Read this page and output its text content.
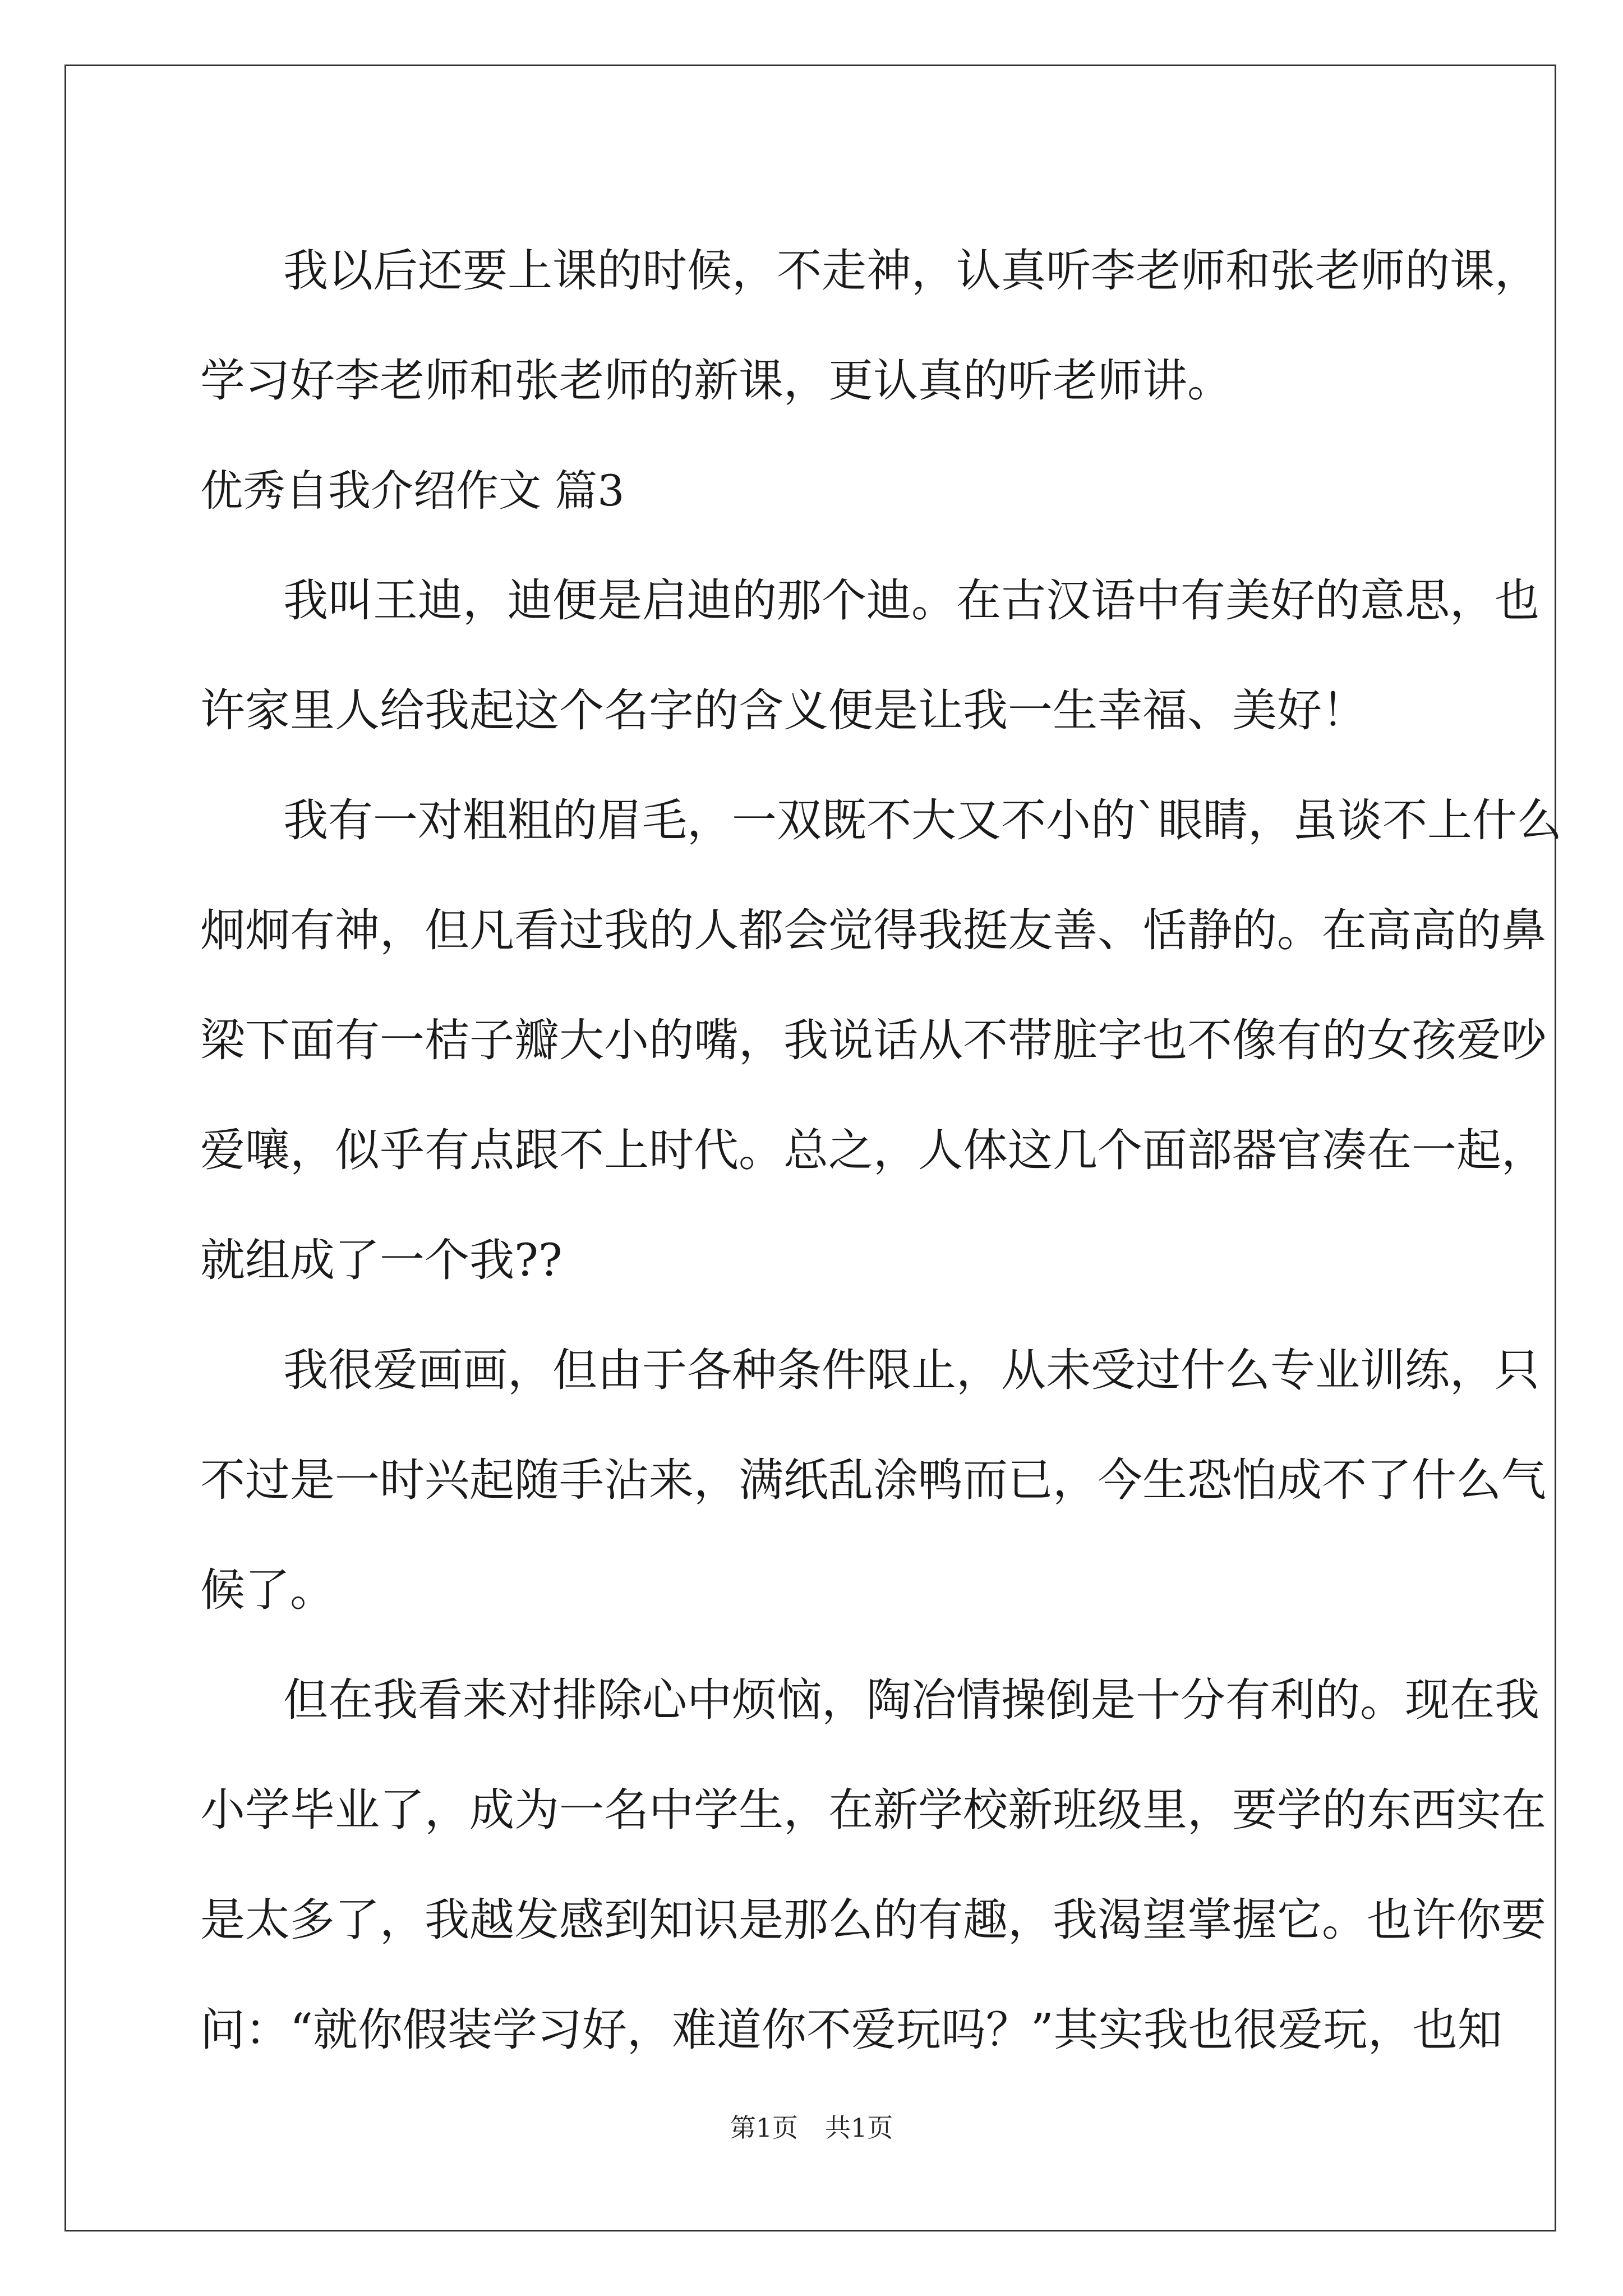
我以后还要上课的时候，不走神，认真听李老师和张老师的课，
学习好李老师和张老师的新课，更认真的听老师讲。
优秀自我介绍作文 篇3
我叫王迪，迪便是启迪的那个迪。在古汉语中有美好的意思，也
许家里人给我起这个名字的含义便是让我一生幸福、美好！
我有一对粗粗的眉毛，一双既不大又不小的`眼睛，虽谈不上什么
炯炯有神，但凡看过我的人都会觉得我挺友善、恬静的。在高高的鼻
梁下面有一桔子瓣大小的嘴，我说话从不带脏字也不像有的女孩爱吵
爱嚷，似乎有点跟不上时代。总之，人体这几个面部器官凑在一起，
就组成了一个我??
我很爱画画，但由于各种条件限止，从未受过什么专业训练，只
不过是一时兴起随手沾来，满纸乱涂鸭而已，今生恐怕成不了什么气
候了。
但在我看来对排除心中烦恼，陶冶情操倒是十分有利的。现在我
小学毕业了，成为一名中学生，在新学校新班级里，要学的东西实在
是太多了，我越发感到知识是那么的有趣，我渴望掌握它。也许你要
问：“就你假装学习好，难道你不爱玩吗？”其实我也很爱玩，也知
第1页 共1页
